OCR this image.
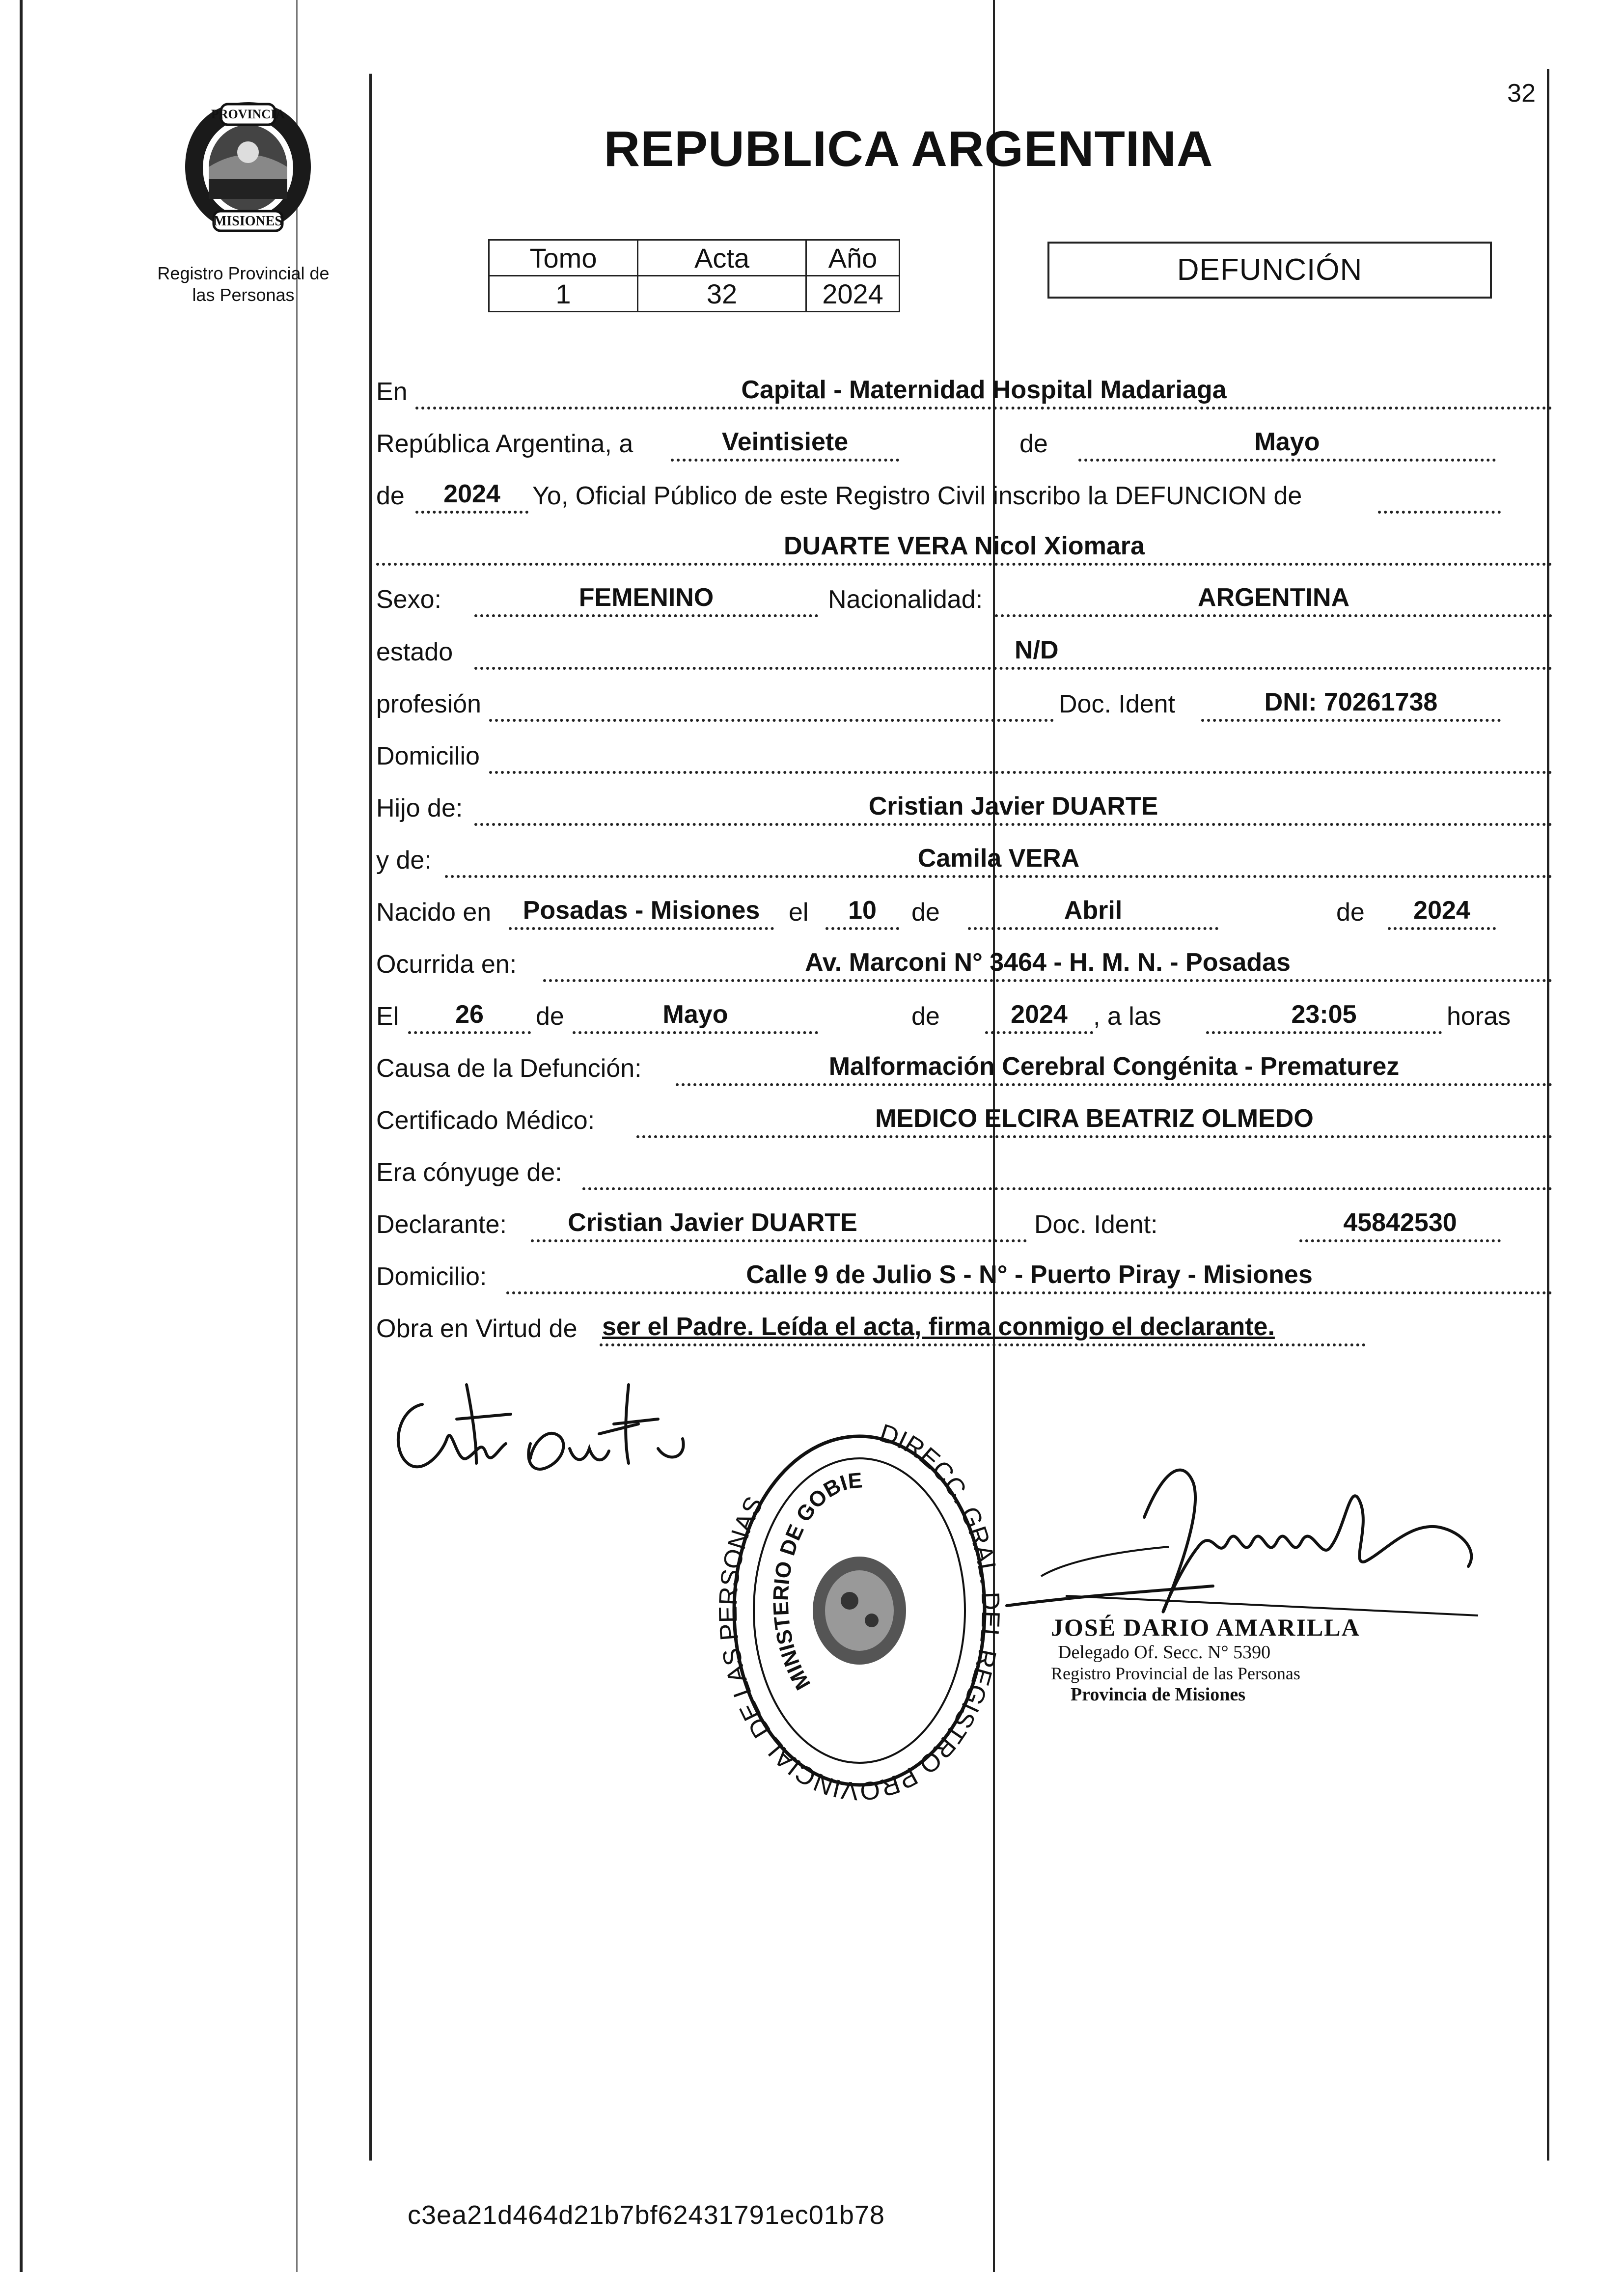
32
REPUBLICA ARGENTINA
PROVINCIA
MISIONES
Registro Provincial de
las Personas
Tomo	Acta	Año
1	32	2024
DEFUNCIÓN
En	Capital - Maternidad Hospital Madariaga
República Argentina, a	Veintisiete	de	Mayo
de	2024	Yo, Oficial Público de este Registro Civil inscribo la DEFUNCION de
DUARTE VERA Nicol Xiomara
Sexo:	FEMENINO	Nacionalidad:	ARGENTINA
estado	N/D
profesión	Doc. Ident	DNI: 70261738
Domicilio
Hijo de:	Cristian Javier DUARTE
y de:	Camila VERA
Nacido en	Posadas - Misiones	el	10	de	Abril	de	2024
Ocurrida en:	Av. Marconi N° 3464 - H. M. N. - Posadas
El	26	de	Mayo	de	2024	, a las	23:05	horas
Causa de la Defunción:	Malformación Cerebral Congénita - Prematurez
Certificado Médico:	MEDICO ELCIRA BEATRIZ OLMEDO
Era cónyuge de:
Declarante:	Cristian Javier DUARTE	Doc. Ident:	45842530
Domicilio:	Calle 9 de Julio S - N° - Puerto Piray - Misiones
Obra en Virtud de ser el Padre. Leída el acta, firma conmigo el declarante.
DIRECC. GRAL. DEL REGISTRO PROVINCIAL DE LAS PERSONAS
MINISTERIO DE GOBIERNO
JOSÉ DARIO AMARILLA
Delegado Of. Secc. N° 5390
Registro Provincial de las Personas
Provincia de Misiones
c3ea21d464d21b7bf62431791ec01b78
